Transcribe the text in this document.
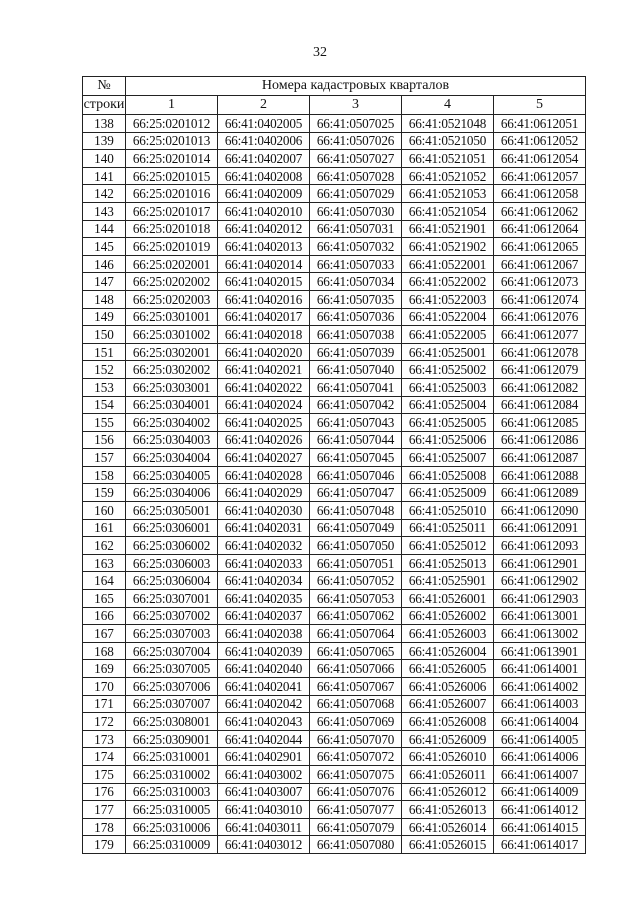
32
№	Номера кадастровых кварталов				
строки	1	2	3	4	5
138	66:25:0201012	66:41:0402005	66:41:0507025	66:41:0521048	66:41:0612051
139	66:25:0201013	66:41:0402006	66:41:0507026	66:41:0521050	66:41:0612052
140	66:25:0201014	66:41:0402007	66:41:0507027	66:41:0521051	66:41:0612054
141	66:25:0201015	66:41:0402008	66:41:0507028	66:41:0521052	66:41:0612057
142	66:25:0201016	66:41:0402009	66:41:0507029	66:41:0521053	66:41:0612058
143	66:25:0201017	66:41:0402010	66:41:0507030	66:41:0521054	66:41:0612062
144	66:25:0201018	66:41:0402012	66:41:0507031	66:41:0521901	66:41:0612064
145	66:25:0201019	66:41:0402013	66:41:0507032	66:41:0521902	66:41:0612065
146	66:25:0202001	66:41:0402014	66:41:0507033	66:41:0522001	66:41:0612067
147	66:25:0202002	66:41:0402015	66:41:0507034	66:41:0522002	66:41:0612073
148	66:25:0202003	66:41:0402016	66:41:0507035	66:41:0522003	66:41:0612074
149	66:25:0301001	66:41:0402017	66:41:0507036	66:41:0522004	66:41:0612076
150	66:25:0301002	66:41:0402018	66:41:0507038	66:41:0522005	66:41:0612077
151	66:25:0302001	66:41:0402020	66:41:0507039	66:41:0525001	66:41:0612078
152	66:25:0302002	66:41:0402021	66:41:0507040	66:41:0525002	66:41:0612079
153	66:25:0303001	66:41:0402022	66:41:0507041	66:41:0525003	66:41:0612082
154	66:25:0304001	66:41:0402024	66:41:0507042	66:41:0525004	66:41:0612084
155	66:25:0304002	66:41:0402025	66:41:0507043	66:41:0525005	66:41:0612085
156	66:25:0304003	66:41:0402026	66:41:0507044	66:41:0525006	66:41:0612086
157	66:25:0304004	66:41:0402027	66:41:0507045	66:41:0525007	66:41:0612087
158	66:25:0304005	66:41:0402028	66:41:0507046	66:41:0525008	66:41:0612088
159	66:25:0304006	66:41:0402029	66:41:0507047	66:41:0525009	66:41:0612089
160	66:25:0305001	66:41:0402030	66:41:0507048	66:41:0525010	66:41:0612090
161	66:25:0306001	66:41:0402031	66:41:0507049	66:41:0525011	66:41:0612091
162	66:25:0306002	66:41:0402032	66:41:0507050	66:41:0525012	66:41:0612093
163	66:25:0306003	66:41:0402033	66:41:0507051	66:41:0525013	66:41:0612901
164	66:25:0306004	66:41:0402034	66:41:0507052	66:41:0525901	66:41:0612902
165	66:25:0307001	66:41:0402035	66:41:0507053	66:41:0526001	66:41:0612903
166	66:25:0307002	66:41:0402037	66:41:0507062	66:41:0526002	66:41:0613001
167	66:25:0307003	66:41:0402038	66:41:0507064	66:41:0526003	66:41:0613002
168	66:25:0307004	66:41:0402039	66:41:0507065	66:41:0526004	66:41:0613901
169	66:25:0307005	66:41:0402040	66:41:0507066	66:41:0526005	66:41:0614001
170	66:25:0307006	66:41:0402041	66:41:0507067	66:41:0526006	66:41:0614002
171	66:25:0307007	66:41:0402042	66:41:0507068	66:41:0526007	66:41:0614003
172	66:25:0308001	66:41:0402043	66:41:0507069	66:41:0526008	66:41:0614004
173	66:25:0309001	66:41:0402044	66:41:0507070	66:41:0526009	66:41:0614005
174	66:25:0310001	66:41:0402901	66:41:0507072	66:41:0526010	66:41:0614006
175	66:25:0310002	66:41:0403002	66:41:0507075	66:41:0526011	66:41:0614007
176	66:25:0310003	66:41:0403007	66:41:0507076	66:41:0526012	66:41:0614009
177	66:25:0310005	66:41:0403010	66:41:0507077	66:41:0526013	66:41:0614012
178	66:25:0310006	66:41:0403011	66:41:0507079	66:41:0526014	66:41:0614015
179	66:25:0310009	66:41:0403012	66:41:0507080	66:41:0526015	66:41:0614017
